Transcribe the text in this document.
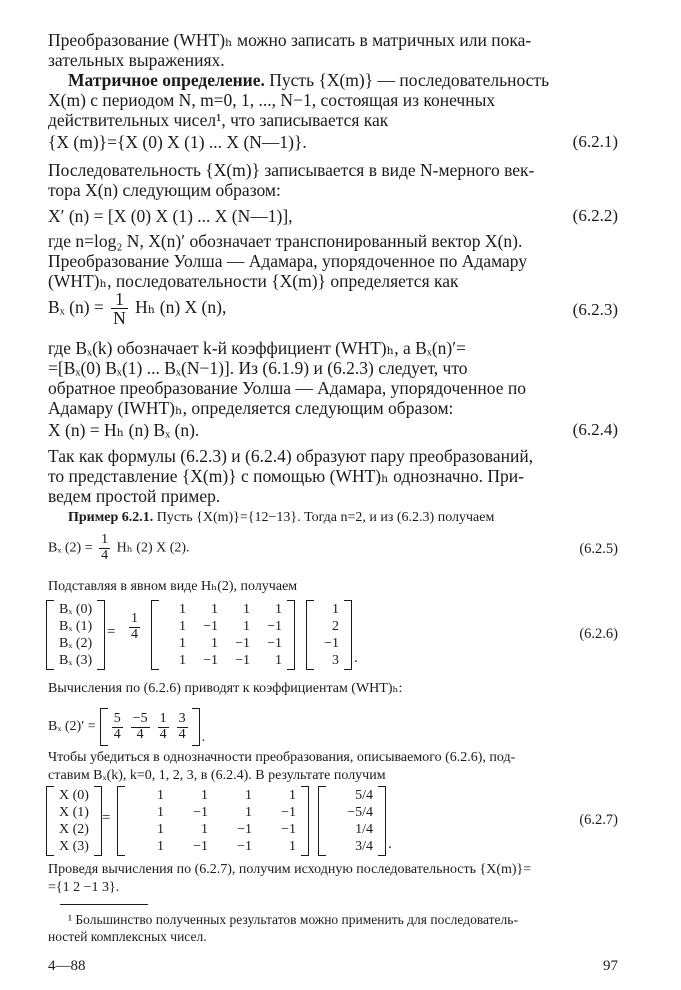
Преобразование (WHT)ₕ можно записать в матричных или пока-
зательных выражениях.
Матричное определение. Пусть {X(m)} — последовательность
X(m) с периодом N, m=0, 1, ..., N−1, состоящая из конечных
действительных чисел¹, что записывается как
{X (m)}={X (0) X (1) ... X (N—1)}.	(6.2.1)
Последовательность {X(m)} записывается в виде N-мерного век-
тора X(n) следующим образом:
X′ (n) = [X (0) X (1) ... X (N—1)],	(6.2.2)
где n=log₂ N, X(n)′ обозначает транспонированный вектор X(n).
Преобразование Уолша — Адамара, упорядоченное по Адамару
(WHT)ₕ, последовательности {X(m)} определяется как
Bₓ $(n) = \frac{1}{N}$ Hₕ (n) X (n),	(6.2.3)
где Bₓ(k) обозначает k-й коэффициент (WHT)ₕ, а Bₓ(n)′=
=[Bₓ(0) Bₓ(1) ... Bₓ(N−1)]. Из (6.1.9) и (6.2.3) следует, что
обратное преобразование Уолша — Адамара, упорядоченное по
Адамару (IWHT)ₕ, определяется следующим образом:
X (n) = Hₕ (n) Bₓ (n).	(6.2.4)
Так как формулы (6.2.3) и (6.2.4) образуют пару преобразований,
то представление {X(m)} с помощью (WHT)ₕ однозначно. При-
ведем простой пример.
Пример 6.2.1. Пусть {X(m)}={12−13}. Тогда n=2, и из (6.2.3) получаем
Bₓ $(2) = \frac{1}{4}$ Hₕ (2) X (2).	(6.2.5)
Подставляя в явном виде Hₕ(2), получаем
Bₓ (0)
Bₓ (1)
Bₓ (2)
Bₓ (3)
= $\frac{1}{4}$
1	1	1	1
1	−1	1	−1
1	1	−1	−1
1	−1	−1	1
1
2
−1
3	.
(6.2.6)
Вычисления по (6.2.6) приводят к коэффициентам (WHT)ₕ:
Bₓ $(2)' = \frac{5}{4} \frac{-5}{4} \frac{1}{4} \frac{3}{4}$ .
Чтобы убедиться в однозначности преобразования, описываемого (6.2.6), под-
ставим Bₓ(k), k=0, 1, 2, 3, в (6.2.4). В результате получим
X (0)
X (1)
X (2)
X (3)
=
1	1	1	1
1	−1	1	−1
1	1	−1	−1
1	−1	−1	1
5/4
−5/4
1/4
3/4	.
(6.2.7)
Проведя вычисления по (6.2.7), получим исходную последовательность {X(m)}=
={1 2 −1 3}.
¹ Большинство полученных результатов можно применить для последователь-
ностей комплексных чисел.
4—88	97
